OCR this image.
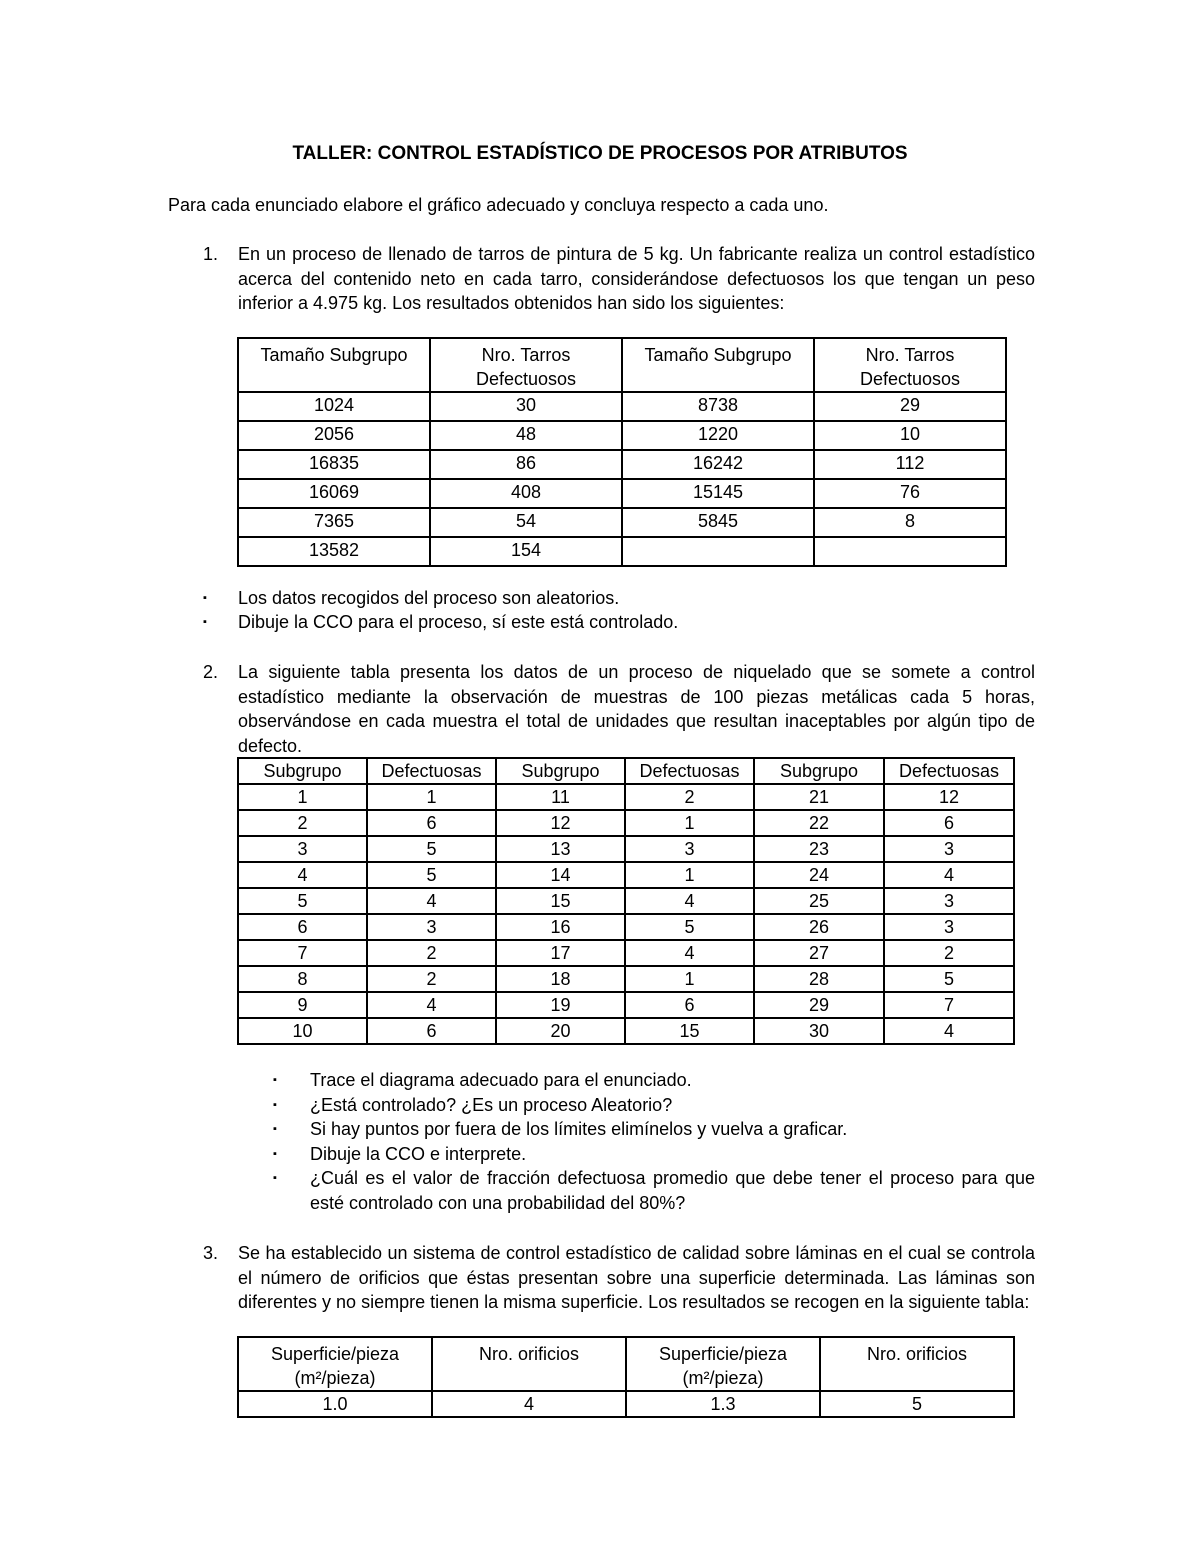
TALLER: CONTROL ESTADÍSTICO DE PROCESOS POR ATRIBUTOS
Para cada enunciado elabore el gráfico adecuado y concluya respecto a cada uno.
1.	En un proceso de llenado de tarros de pintura de 5 kg. Un fabricante realiza un control estadístico acerca del contenido neto en cada tarro, considerándose defectuosos los que tengan un peso inferior a 4.975 kg. Los resultados obtenidos han sido los siguientes:
Tamaño Subgrupo	Nro. Tarros
Defectuosos	Tamaño Subgrupo	Nro. Tarros
Defectuosos
1024	30	8738	29
2056	48	1220	10
16835	86	16242	112
16069	408	15145	76
7365	54	5845	8
13582	154		
▪ Los datos recogidos del proceso son aleatorios.
▪ Dibuje la CCO para el proceso, sí este está controlado.
2.	La siguiente tabla presenta los datos de un proceso de niquelado que se somete a control estadístico mediante la observación de muestras de 100 piezas metálicas cada 5 horas, observándose en cada muestra el total de unidades que resultan inaceptables por algún tipo de defecto.
Subgrupo	Defectuosas	Subgrupo	Defectuosas	Subgrupo	Defectuosas
1	1	11	2	21	12
2	6	12	1	22	6
3	5	13	3	23	3
4	5	14	1	24	4
5	4	15	4	25	3
6	3	16	5	26	3
7	2	17	4	27	2
8	2	18	1	28	5
9	4	19	6	29	7
10	6	20	15	30	4
▪ Trace el diagrama adecuado para el enunciado.
▪ ¿Está controlado? ¿Es un proceso Aleatorio?
▪ Si hay puntos por fuera de los límites elimínelos y vuelva a graficar.
▪ Dibuje la CCO e interprete.
▪ ¿Cuál es el valor de fracción defectuosa promedio que debe tener el proceso para que esté controlado con una probabilidad del 80%?
3.	Se ha establecido un sistema de control estadístico de calidad sobre láminas en el cual se controla el número de orificios que éstas presentan sobre una superficie determinada. Las láminas son diferentes y no siempre tienen la misma superficie. Los resultados se recogen en la siguiente tabla:
Superficie/pieza
(m²/pieza)	Nro. orificios	Superficie/pieza
(m²/pieza)	Nro. orificios
1.0	4	1.3	5
